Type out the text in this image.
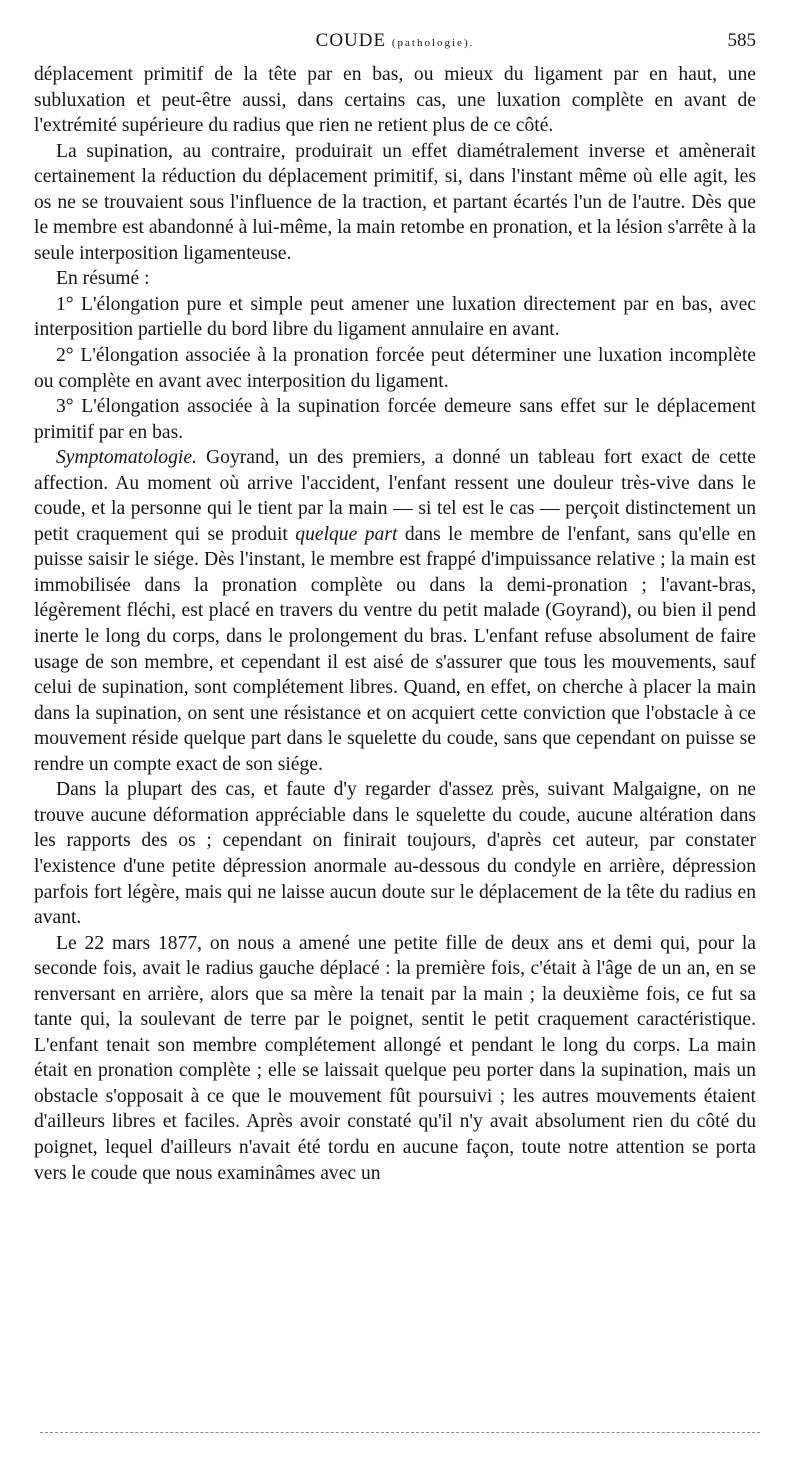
COUDE (pathologie).	585

déplacement primitif de la tête par en bas, ou mieux du ligament par en haut, une subluxation et peut-être aussi, dans certains cas, une luxation complète en avant de l'extrémité supérieure du radius que rien ne retient plus de ce côté.

La supination, au contraire, produirait un effet diamétralement inverse et amènerait certainement la réduction du déplacement primitif, si, dans l'instant même où elle agit, les os ne se trouvaient sous l'influence de la traction, et partant écartés l'un de l'autre. Dès que le membre est abandonné à lui-même, la main retombe en pronation, et la lésion s'arrête à la seule interposition ligamenteuse.

En résumé :

1° L'élongation pure et simple peut amener une luxation directement par en bas, avec interposition partielle du bord libre du ligament annulaire en avant.

2° L'élongation associée à la pronation forcée peut déterminer une luxation incomplète ou complète en avant avec interposition du ligament.

3° L'élongation associée à la supination forcée demeure sans effet sur le déplacement primitif par en bas.

Symptomatologie. Goyrand, un des premiers, a donné un tableau fort exact de cette affection. Au moment où arrive l'accident, l'enfant ressent une douleur très-vive dans le coude, et la personne qui le tient par la main — si tel est le cas — perçoit distinctement un petit craquement qui se produit quelque part dans le membre de l'enfant, sans qu'elle en puisse saisir le siége. Dès l'instant, le membre est frappé d'impuissance relative ; la main est immobilisée dans la pronation complète ou dans la demi-pronation ; l'avant-bras, légèrement fléchi, est placé en travers du ventre du petit malade (Goyrand), ou bien il pend inerte le long du corps, dans le prolongement du bras. L'enfant refuse absolument de faire usage de son membre, et cependant il est aisé de s'assurer que tous les mouvements, sauf celui de supination, sont complétement libres. Quand, en effet, on cherche à placer la main dans la supination, on sent une résistance et on acquiert cette conviction que l'obstacle à ce mouvement réside quelque part dans le squelette du coude, sans que cependant on puisse se rendre un compte exact de son siége.

Dans la plupart des cas, et faute d'y regarder d'assez près, suivant Malgaigne, on ne trouve aucune déformation appréciable dans le squelette du coude, aucune altération dans les rapports des os ; cependant on finirait toujours, d'après cet auteur, par constater l'existence d'une petite dépression anormale au-dessous du condyle en arrière, dépression parfois fort légère, mais qui ne laisse aucun doute sur le déplacement de la tête du radius en avant.

Le 22 mars 1877, on nous a amené une petite fille de deux ans et demi qui, pour la seconde fois, avait le radius gauche déplacé : la première fois, c'était à l'âge de un an, en se renversant en arrière, alors que sa mère la tenait par la main ; la deuxième fois, ce fut sa tante qui, la soulevant de terre par le poignet, sentit le petit craquement caractéristique. L'enfant tenait son membre complétement allongé et pendant le long du corps. La main était en pronation complète ; elle se laissait quelque peu porter dans la supination, mais un obstacle s'opposait à ce que le mouvement fût poursuivi ; les autres mouvements étaient d'ailleurs libres et faciles. Après avoir constaté qu'il n'y avait absolument rien du côté du poignet, lequel d'ailleurs n'avait été tordu en aucune façon, toute notre attention se porta vers le coude que nous examinâmes avec un
